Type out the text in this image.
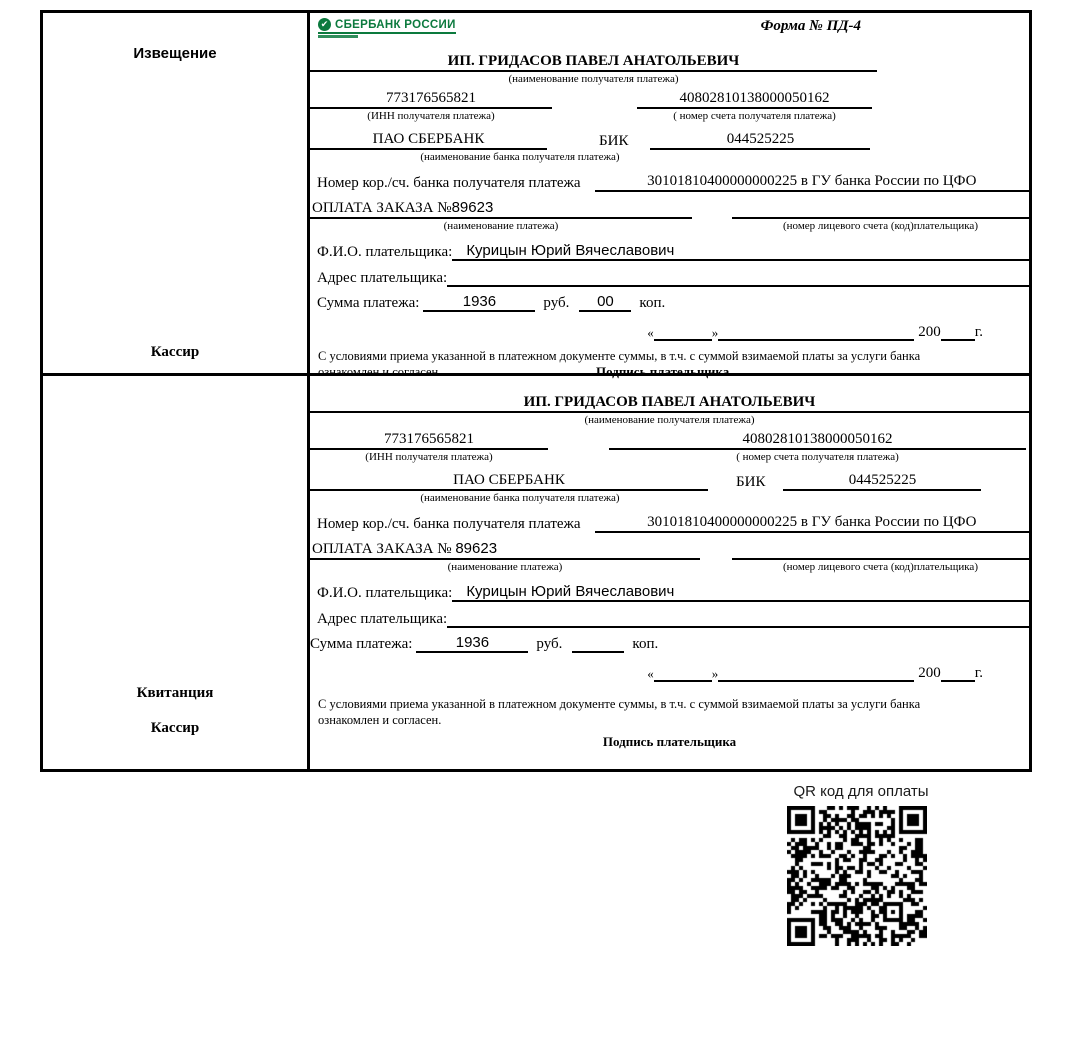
Извещение
Кассир
✔ СБЕРБАНК РОССИИ	Форма № ПД-4
ИП. ГРИДАСОВ ПАВЕЛ АНАТОЛЬЕВИЧ
(наименование получателя платежа)
773176565821	40802810138000050162
(ИНН получателя платежа)	( номер счета получателя платежа)
ПАО СБЕРБАНК	БИК	044525225
(наименование банка получателя платежа)
Номер кор./сч. банка получателя платежа	30101810400000000225 в ГУ банка России по ЦФО
ОПЛАТА ЗАКАЗА №89623
(наименование платежа)	(номер лицевого счета (код)плательщика)
Ф.И.О. плательщика: Курицын Юрий Вячеславович
Адрес плательщика:
Сумма платежа:	1936	руб.	00	коп.
«	»	200 г.
С условиями приема указанной в платежном документе суммы, в т.ч. с суммой взимаемой платы за услуги банка
ознакомлен и согласен.	Подпись плательщика
Квитанция
Кассир
ИП. ГРИДАСОВ ПАВЕЛ АНАТОЛЬЕВИЧ
(наименование получателя платежа)
773176565821	40802810138000050162
(ИНН получателя платежа)	( номер счета получателя платежа)
ПАО СБЕРБАНК	БИК	044525225
(наименование банка получателя платежа)
Номер кор./сч. банка получателя платежа	30101810400000000225 в ГУ банка России по ЦФО
ОПЛАТА ЗАКАЗА № 89623
(наименование платежа)	(номер лицевого счета (код)плательщика)
Ф.И.О. плательщика: Курицын Юрий Вячеславович
Адрес плательщика:
Сумма платежа:	1936	руб.	коп.
«	»	200 г.
С условиями приема указанной в платежном документе суммы, в т.ч. с суммой взимаемой платы за услуги банка
ознакомлен и согласен.
Подпись плательщика
QR код для оплаты
